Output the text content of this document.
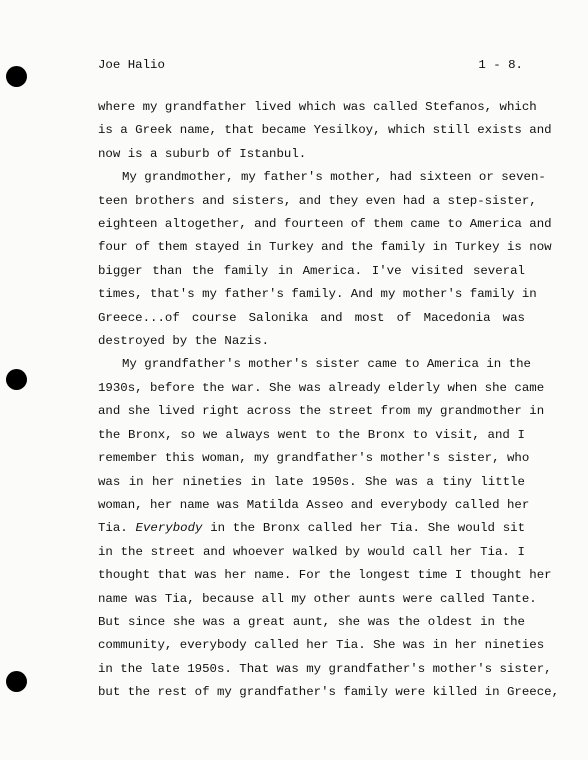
Joe Halio	1 - 8.
where my grandfather lived which was called Stefanos, which
is a Greek name, that became Yesilkoy, which still exists and
now is a suburb of Istanbul.
My grandmother, my father's mother, had sixteen or seven-
teen brothers and sisters, and they even had a step-sister,
eighteen altogether, and fourteen of them came to America and
four of them stayed in Turkey and the family in Turkey is now
bigger than the family in America. I've visited several
times, that's my father's family. And my mother's family in
Greece...of course Salonika and most of Macedonia was
destroyed by the Nazis.
My grandfather's mother's sister came to America in the
1930s, before the war. She was already elderly when she came
and she lived right across the street from my grandmother in
the Bronx, so we always went to the Bronx to visit, and I
remember this woman, my grandfather's mother's sister, who
was in her nineties in late 1950s. She was a tiny little
woman, her name was Matilda Asseo and everybody called her
Tia. Everybody in the Bronx called her Tia. She would sit
in the street and whoever walked by would call her Tia. I
thought that was her name. For the longest time I thought her
name was Tia, because all my other aunts were called Tante.
But since she was a great aunt, she was the oldest in the
community, everybody called her Tia. She was in her nineties
in the late 1950s. That was my grandfather's mother's sister,
but the rest of my grandfather's family were killed in Greece,
